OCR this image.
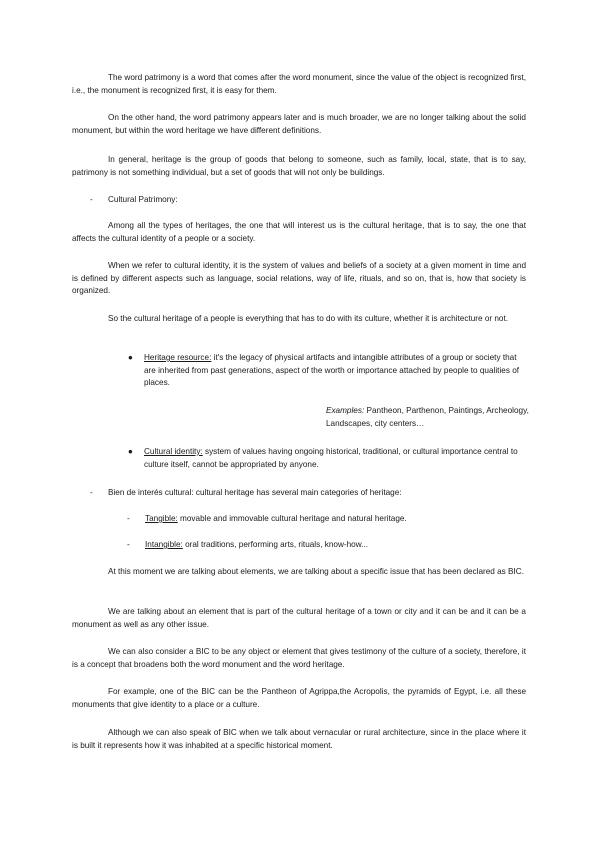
The word patrimony is a word that comes after the word monument, since the value of the object is recognized first, i.e., the monument is recognized first, it is easy for them.

On the other hand, the word patrimony appears later and is much broader, we are no longer talking about the solid monument, but within the word heritage we have different definitions.

In general, heritage is the group of goods that belong to someone, such as family, local, state, that is to say, patrimony is not something individual, but a set of goods that will not only be buildings.

- Cultural Patrimony:

Among all the types of heritages, the one that will interest us is the cultural heritage, that is to say, the one that affects the cultural identity of a people or a society.

When we refer to cultural identity, it is the system of values and beliefs of a society at a given moment in time and is defined by different aspects such as language, social relations, way of life, rituals, and so on, that is, how that society is organized.

So the cultural heritage of a people is everything that has to do with its culture, whether it is architecture or not.

● Heritage resource: it's the legacy of physical artifacts and intangible attributes of a group or society that are inherited from past generations, aspect of the worth or importance attached by people to qualities of places.

Examples: Pantheon, Parthenon, Paintings, Archeology, Landscapes, city centers…

● Cultural identity: system of values having ongoing historical, traditional, or cultural importance central to culture itself, cannot be appropriated by anyone.

- Bien de interés cultural: cultural heritage has several main categories of heritage:

- Tangible: movable and immovable cultural heritage and natural heritage.

- Intangible: oral traditions, performing arts, rituals, know-how...

At this moment we are talking about elements, we are talking about a specific issue that has been declared as BIC.

We are talking about an element that is part of the cultural heritage of a town or city and it can be and it can be a monument as well as any other issue.

We can also consider a BIC to be any object or element that gives testimony of the culture of a society, therefore, it is a concept that broadens both the word monument and the word heritage.

For example, one of the BIC can be the Pantheon of Agrippa,the Acropolis, the pyramids of Egypt, i.e. all these monuments that give identity to a place or a culture.

Although we can also speak of BIC when we talk about vernacular or rural architecture, since in the place where it is built it represents how it was inhabited at a specific historical moment.
